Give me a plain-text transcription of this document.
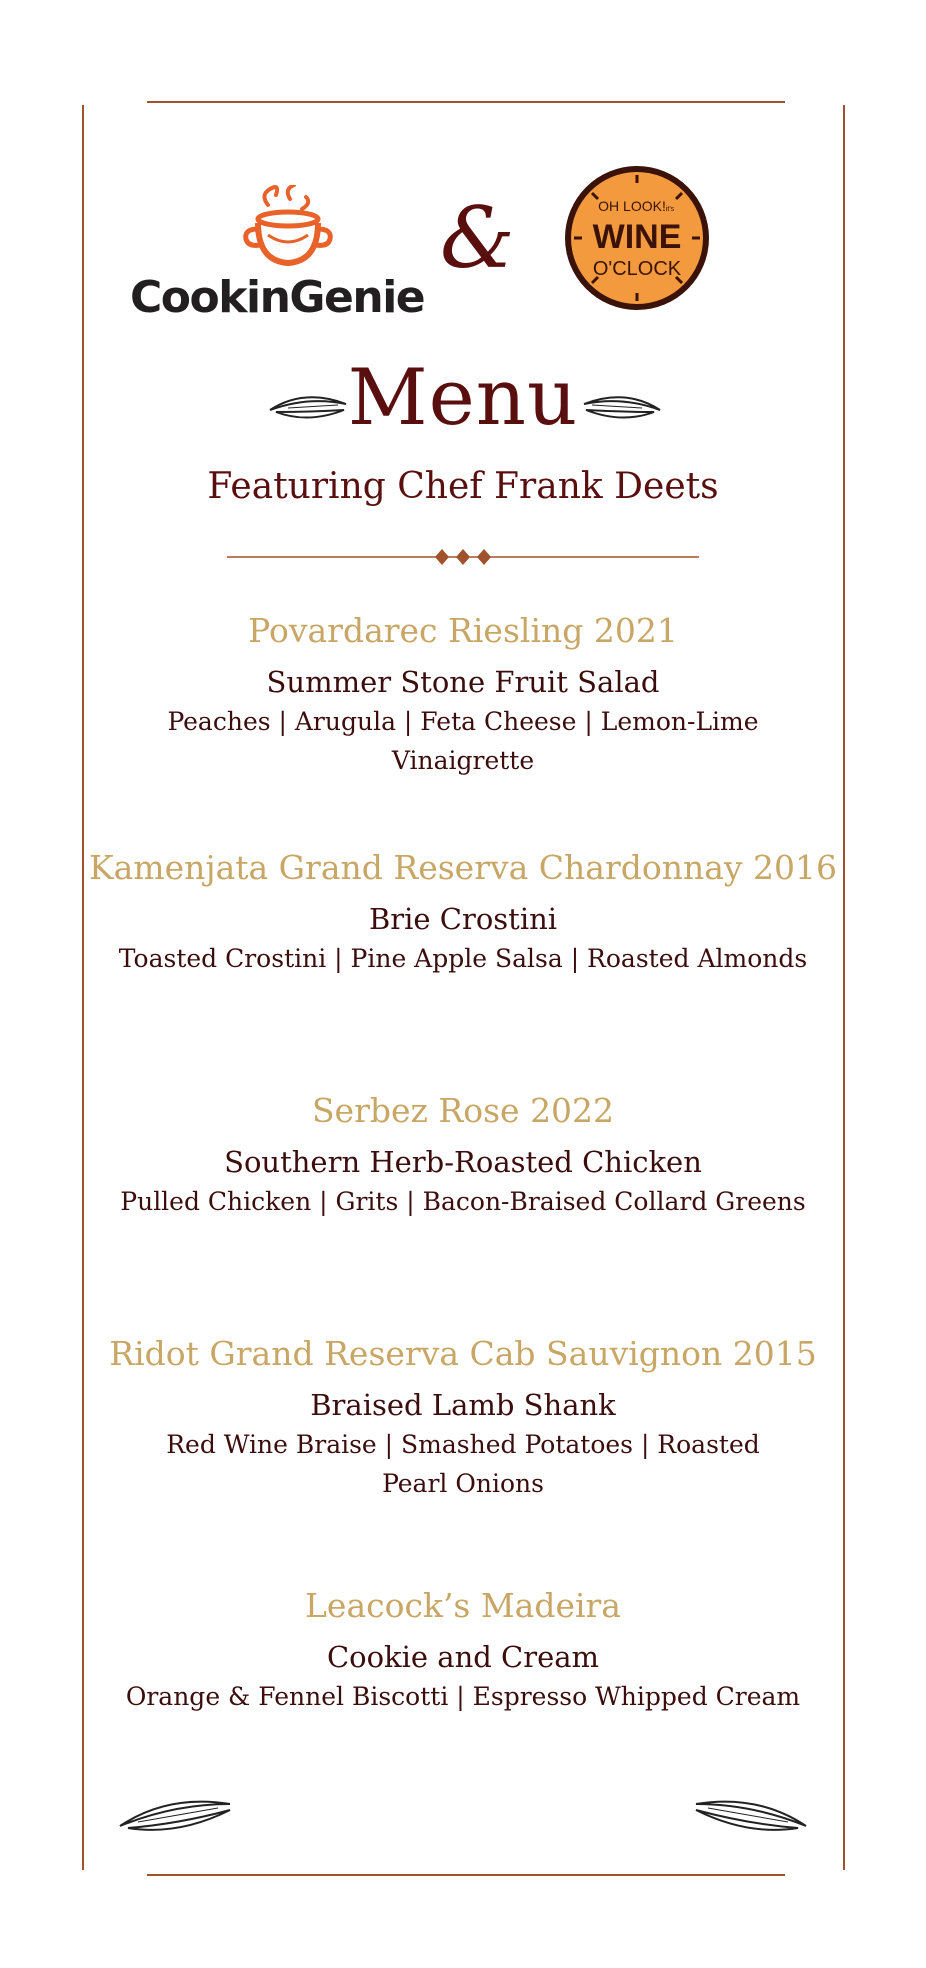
CookinGenie
&	OH LOOK! it's
WINE
O'CLOCK
Menu
Featuring Chef Frank Deets
Povardarec Riesling 2021
Summer Stone Fruit Salad
Peaches | Arugula | Feta Cheese | Lemon-Lime Vinaigrette
Kamenjata Grand Reserva Chardonnay 2016
Brie Crostini
Toasted Crostini | Pine Apple Salsa | Roasted Almonds
Serbez Rose 2022
Southern Herb-Roasted Chicken
Pulled Chicken | Grits | Bacon-Braised Collard Greens
Ridot Grand Reserva Cab Sauvignon 2015
Braised Lamb Shank
Red Wine Braise | Smashed Potatoes | Roasted Pearl Onions
Leacock’s Madeira
Cookie and Cream
Orange & Fennel Biscotti | Espresso Whipped Cream
